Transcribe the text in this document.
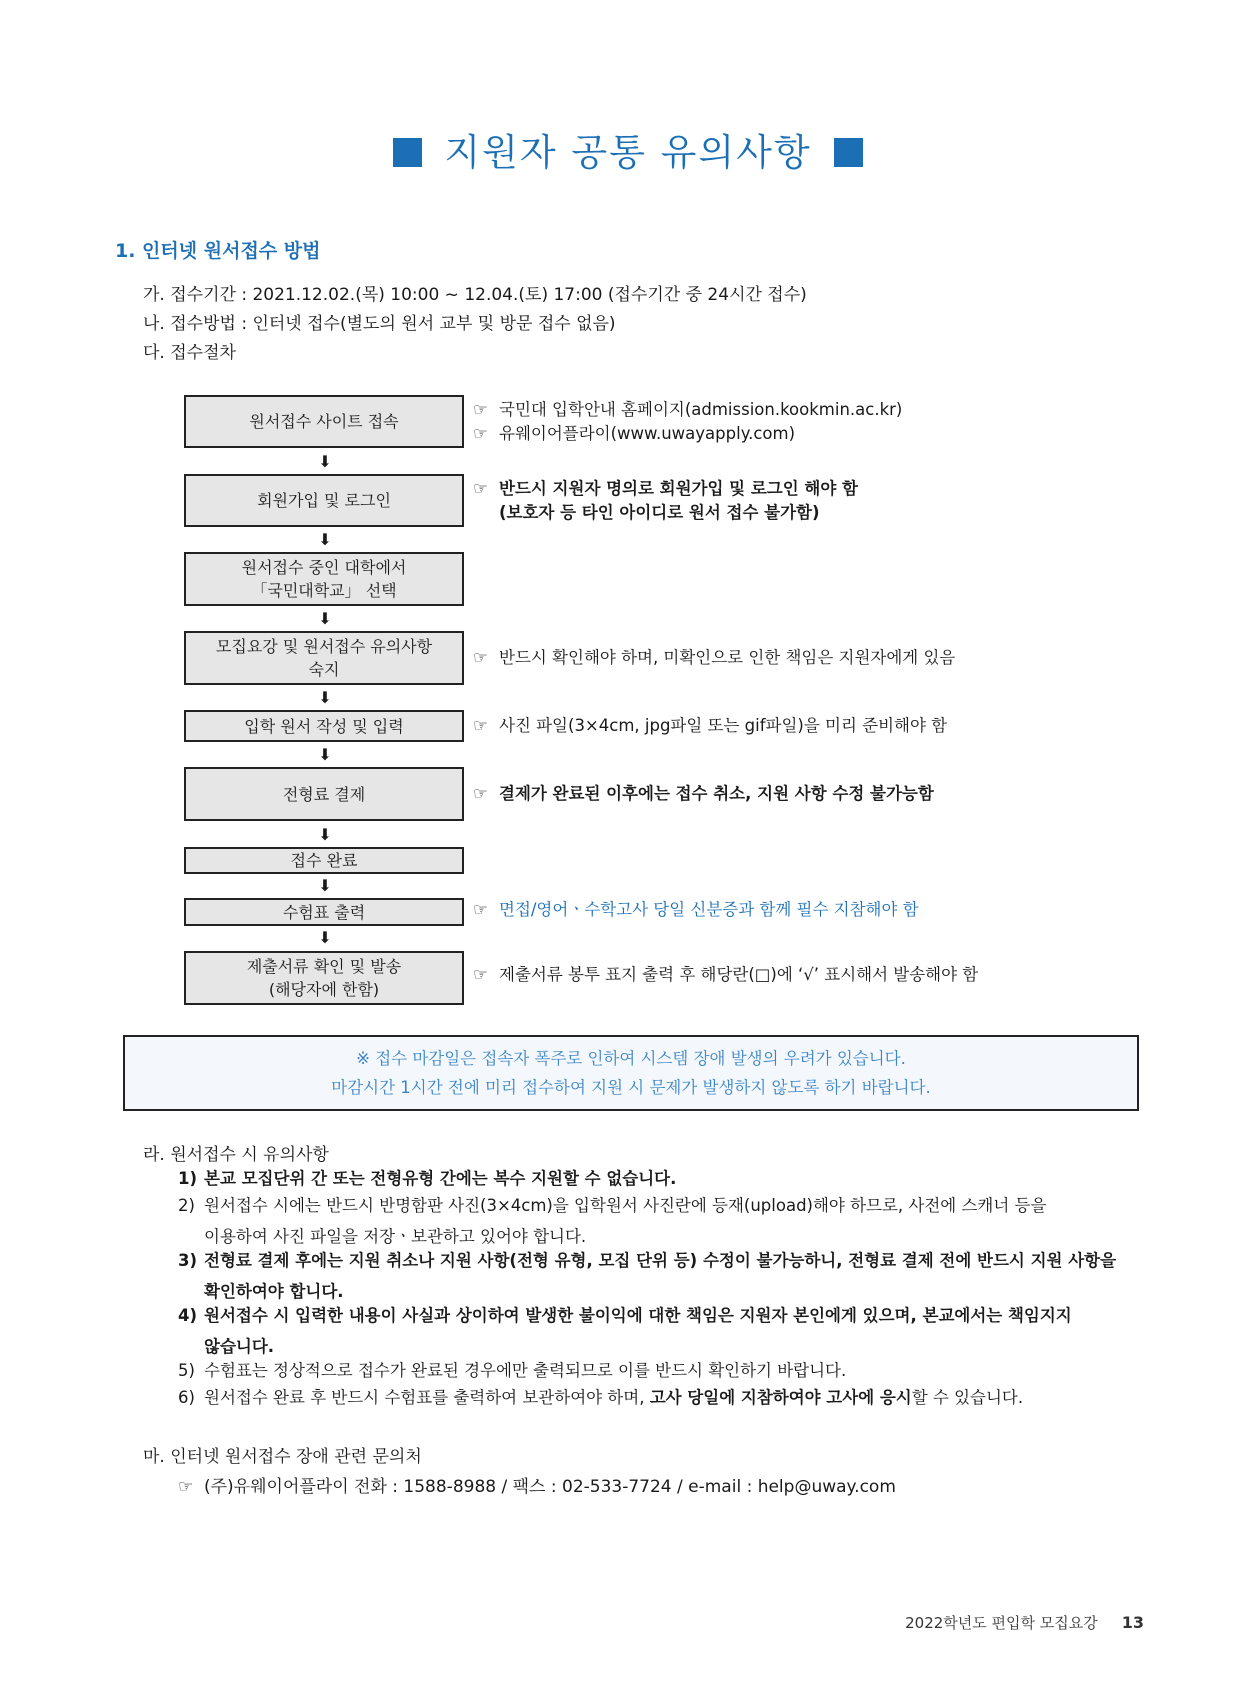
지원자 공통 유의사항
1. 인터넷 원서접수 방법
가. 접수기간 : 2021.12.02.(목) 10:00 ~ 12.04.(토) 17:00 (접수기간 중 24시간 접수)
나. 접수방법 : 인터넷 접수(별도의 원서 교부 및 방문 접수 없음)
다. 접수절차
원서접수 사이트 접속
회원가입 및 로그인
원서접수 중인 대학에서
「국민대학교」 선택
모집요강 및 원서접수 유의사항
숙지
입학 원서 작성 및 입력
전형료 결제
접수 완료
수험표 출력
제출서류 확인 및 발송
(해당자에 한함)
⬇
⬇
⬇
⬇
⬇
⬇
⬇
⬇
☞ 국민대 입학안내 홈페이지(admission.kookmin.ac.kr)
☞ 유웨이어플라이(www.uwayapply.com)
☞ 반드시 지원자 명의로 회원가입 및 로그인 해야 함
(보호자 등 타인 아이디로 원서 접수 불가함)
☞ 반드시 확인해야 하며, 미확인으로 인한 책임은 지원자에게 있음
☞ 사진 파일(3×4cm, jpg파일 또는 gif파일)을 미리 준비해야 함
☞ 결제가 완료된 이후에는 접수 취소, 지원 사항 수정 불가능함
☞ 면접/영어ㆍ수학고사 당일 신분증과 함께 필수 지참해야 함
☞ 제출서류 봉투 표지 출력 후 해당란(□)에 ‘√’ 표시해서 발송해야 함
※ 접수 마감일은 접속자 폭주로 인하여 시스템 장애 발생의 우려가 있습니다.
마감시간 1시간 전에 미리 접수하여 지원 시 문제가 발생하지 않도록 하기 바랍니다.
라. 원서접수 시 유의사항
1) 본교 모집단위 간 또는 전형유형 간에는 복수 지원할 수 없습니다.
2) 원서접수 시에는 반드시 반명함판 사진(3×4cm)을 입학원서 사진란에 등재(upload)해야 하므로, 사전에 스캐너 등을
이용하여 사진 파일을 저장ㆍ보관하고 있어야 합니다.
3) 전형료 결제 후에는 지원 취소나 지원 사항(전형 유형, 모집 단위 등) 수정이 불가능하니, 전형료 결제 전에 반드시 지원 사항을
확인하여야 합니다.
4) 원서접수 시 입력한 내용이 사실과 상이하여 발생한 불이익에 대한 책임은 지원자 본인에게 있으며, 본교에서는 책임지지
않습니다.
5) 수험표는 정상적으로 접수가 완료된 경우에만 출력되므로 이를 반드시 확인하기 바랍니다.
6) 원서접수 완료 후 반드시 수험표를 출력하여 보관하여야 하며, 고사 당일에 지참하여야 고사에 응시할 수 있습니다.
마. 인터넷 원서접수 장애 관련 문의처
☞ (주)유웨이어플라이 전화 : 1588-8988 / 팩스 : 02-533-7724 / e-mail : help@uway.com
2022학년도 편입학 모집요강 13
